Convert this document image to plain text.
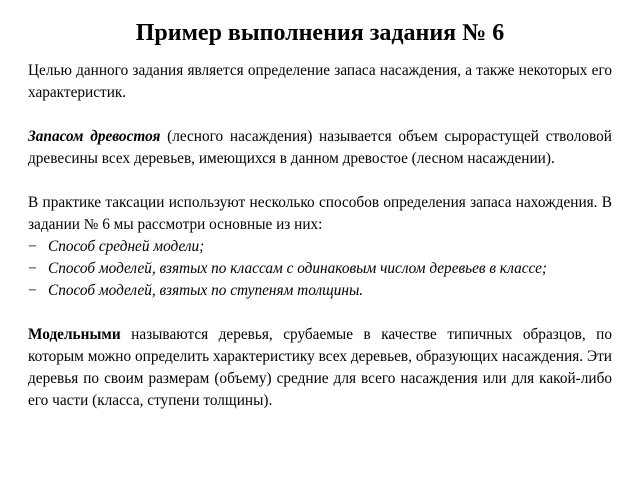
Пример выполнения задания № 6

Целью данного задания является определение запаса насаждения, а также некоторых его характеристик.

Запасом древостоя (лесного насаждения) называется объем сырорастущей стволовой древесины всех деревьев, имеющихся в данном древостое (лесном насаждении).

В практике таксации используют несколько способов определения запаса нахождения. В задании № 6 мы рассмотри основные из них:

− Способ средней модели;
− Способ моделей, взятых по классам с одинаковым числом деревьев в классе;
− Способ моделей, взятых по ступеням толщины.

Модельными называются деревья, срубаемые в качестве типичных образцов, по которым можно определить характеристику всех деревьев, образующих насаждения. Эти деревья по своим размерам (объему) средние для всего насаждения или для какой-либо его части (класса, ступени толщины).
